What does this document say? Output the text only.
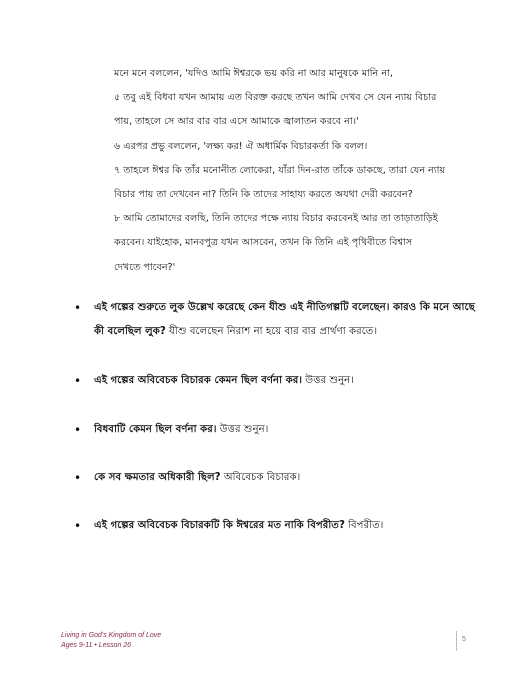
মনে মনে বললেন, 'যদিও আমি ঈশ্বরকে ভয় করি না আর মানুষকে মানি না,

৫ তবু এই বিধবা যখন আমায় এত বিরক্ত করছে তখন আমি দেখব সে যেন ন্যায় বিচার

পায়, তাহলে সে আর বার বার এসে আমাকে জ্বালাতন করবে না।'

৬ এরপর প্রভু বললেন, 'লক্ষ্য কর! ঐ অধার্মিক বিচারকর্তা কি বলল।

৭ তাহলে ঈশ্বর কি তাঁর মনোনীত লোকেরা, যাঁরা দিন-রাত তাঁকে ডাকছে, তারা যেন ন্যায়

বিচার পায় তা দেখবেন না? তিনি কি তাদের সাহায্য করতে অযথা দেরী করবেন?

৮ আমি তোমাদের বলছি, তিনি তাদের পক্ষে ন্যায় বিচার করবেনই আর তা তাড়াতাড়িই

করবেন। যাইহোক, মানবপুত্র যখন আসবেন, তখন কি তিনি এই পৃথিবীতে বিশ্বাস

দেখতে পাবেন?'

• এই গল্পের শুরুতে লুক উল্লেখ করেছে কেন যীশু এই নীতিগল্পটি বলেছেন। কারও কি মনে আছে কী বলেছিল লুক? যীশু বলেছেন নিরাশ না হয়ে বার বার প্রার্থণা করতে।
• এই গল্পের অবিবেচক বিচারক কেমন ছিল বর্ণনা কর। উত্তর শুনুন।
• বিধবাটি কেমন ছিল বর্ণনা কর। উত্তর শুনুন।
• কে সব ক্ষমতার অধিকারী ছিল? অবিবেচক বিচারক।
• এই গল্পের অবিবেচক বিচারকটি কি ঈশ্বরের মত নাকি বিপরীত? বিপরীত।
Living in God's Kingdom of Love
Ages 9-11 • Lesson 26
5
